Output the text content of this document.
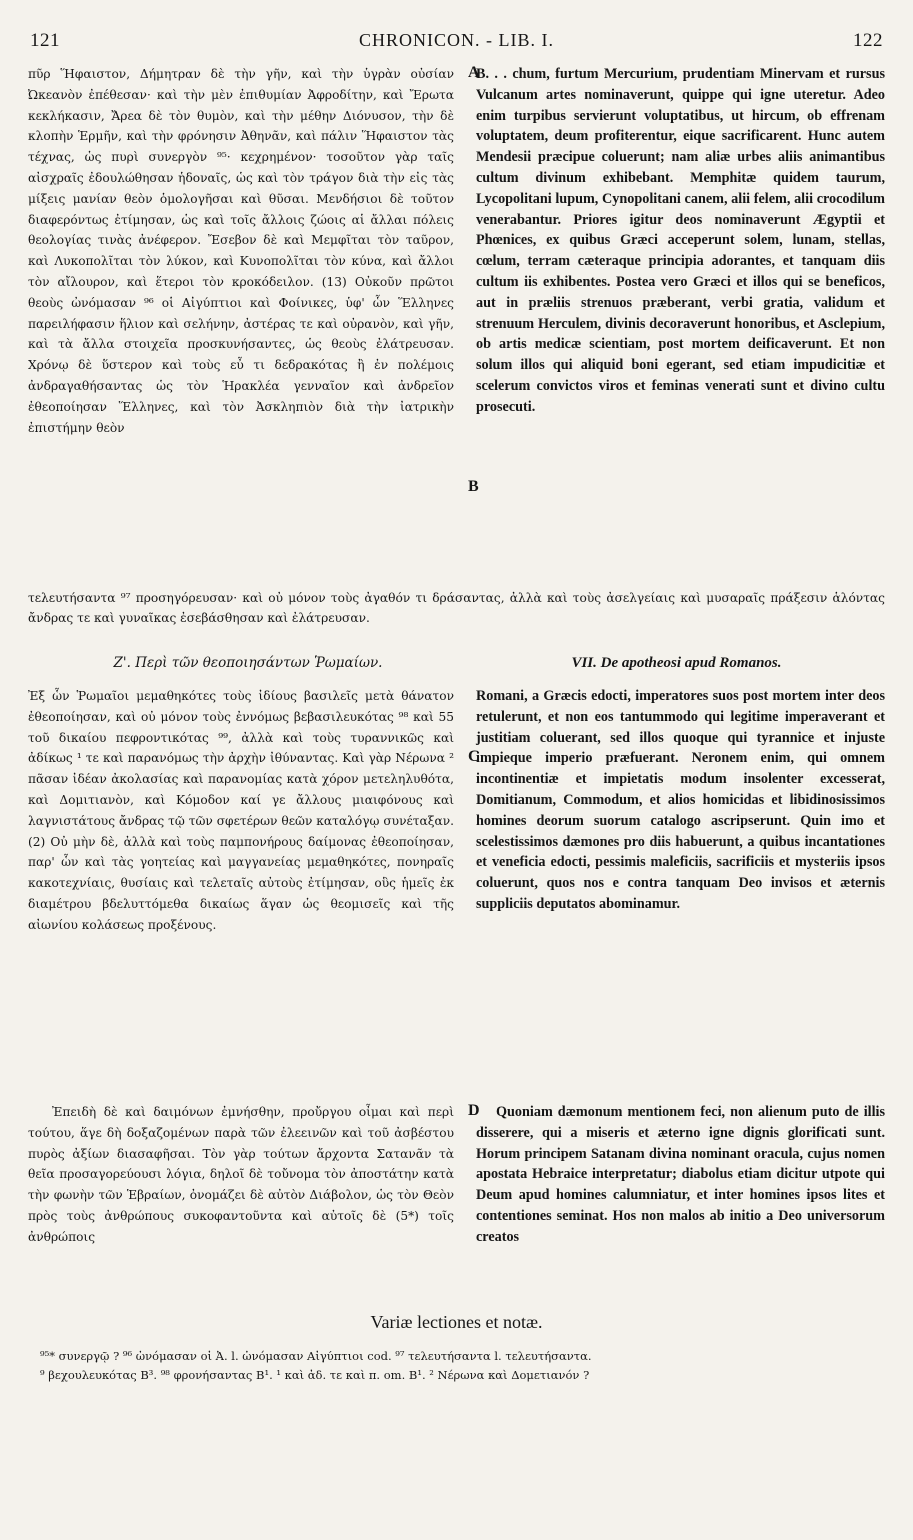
121	CHRONICON. - LIB. I.	122

πῦρ Ἥφαιστον, Δήμητραν δὲ τὴν γῆν, καὶ τὴν ὑγρὰν οὐσίαν Ὠκεανὸν ἐπέθεσαν· καὶ τὴν μὲν ἐπιθυμίαν Ἀφροδίτην, καὶ Ἔρωτα κεκλήκασιν, Ἄρεα δὲ τὸν θυμὸν, καὶ τὴν μέθην Διόνυσον, τὴν δὲ κλοπὴν Ἑρμῆν, καὶ τὴν φρόνησιν Ἀθηνᾶν, καὶ πάλιν Ἥφαιστον τὰς τέχνας, ὡς πυρὶ συνεργὸν ⁹⁵· κεχρημένον· τοσοῦτον γὰρ ταῖς αἰσχραῖς ἐδουλώθησαν ἡδοναῖς, ὡς καὶ τὸν τράγον διὰ τὴν εἰς τὰς μίξεις μανίαν θεὸν ὁμολογῆσαι καὶ θῦσαι. Μενδήσιοι δὲ τοῦτον διαφερόντως ἐτίμησαν, ὡς καὶ τοῖς ἄλλοις ζώοις αἱ ἄλλαι πόλεις θεολογίας τινὰς ἀνέφερον. Ἔσεβον δὲ καὶ Μεμφῖται τὸν ταῦρον, καὶ Λυκοπολῖται τὸν λύκον, καὶ Κυνοπολῖται τὸν κύνα, καὶ ἄλλοι τὸν αἴλουρον, καὶ ἕτεροι τὸν κροκόδειλον. (13) Οὐκοῦν πρῶτοι θεοὺς ὠνόμασαν ⁹⁶ οἱ Αἰγύπτιοι καὶ Φοίνικες, ὑφ' ὧν Ἕλληνες παρειλήφασιν ἥλιον καὶ σελήνην, ἀστέρας τε καὶ οὐρανὸν, καὶ γῆν, καὶ τὰ ἄλλα στοιχεῖα προσκυνήσαντες, ὡς θεοὺς ἐλάτρευσαν. Χρόνῳ δὲ ὕστερον καὶ τοὺς εὖ τι δεδρακότας ἢ ἐν πολέμοις ἀνδραγαθήσαντας ὡς τὸν Ἡρακλέα γενναῖον καὶ ἀνδρεῖον ἐθεοποίησαν Ἕλληνες, καὶ τὸν Ἀσκληπιὸν διὰ τὴν ἰατρικὴν ἐπιστήμην θεὸν

A
B

B. . . chum, furtum Mercurium, prudentiam Minervam et rursus Vulcanum artes nominaverunt, quippe qui igne uteretur. Adeo enim turpibus servierunt voluptatibus, ut hircum, ob effrenam voluptatem, deum profiterentur, eique sacrificarent. Hunc autem Mendesii præcipue coluerunt; nam aliæ urbes aliis animantibus cultum divinum exhibebant. Memphitæ quidem taurum, Lycopolitani lupum, Cynopolitani canem, alii felem, alii crocodilum venerabantur. Priores igitur deos nominaverunt Ægyptii et Phœnices, ex quibus Græci acceperunt solem, lunam, stellas, cœlum, terram cæteraque principia adorantes, et tanquam diis cultum iis exhibentes. Postea vero Græci et illos qui se beneficos, aut in præliis strenuos præberant, verbi gratia, validum et strenuum Herculem, divinis decoraverunt honoribus, et Asclepium, ob artis medicæ scientiam, post mortem deificaverunt. Et non solum illos qui aliquid boni egerant, sed etiam impudicitiæ et scelerum convictos viros et feminas venerati sunt et divino cultu prosecuti.

τελευτήσαντα ⁹⁷ προσηγόρευσαν· καὶ οὐ μόνον τοὺς ἀγαθόν τι δράσαντας, ἀλλὰ καὶ τοὺς ἀσελγείαις καὶ μυσαραῖς πράξεσιν ἁλόντας ἄνδρας τε καὶ γυναῖκας ἐσεβάσθησαν καὶ ἐλάτρευσαν.

Ζ'. Περὶ τῶν θεοποιησάντων Ῥωμαίων.	VII. De apotheosi apud Romanos.

Ἐξ ὧν Ῥωμαῖοι μεμαθηκότες τοὺς ἰδίους βασιλεῖς μετὰ θάνατον ἐθεοποίησαν, καὶ οὐ μόνον τοὺς ἐννόμως βεβασιλευκότας ⁹⁸ καὶ 55 τοῦ δικαίου πεφροντικότας ⁹⁹, ἀλλὰ καὶ τοὺς τυραννικῶς καὶ ἀδίκως ¹ τε καὶ παρανόμως τὴν ἀρχὴν ἰθύναντας. Καὶ γὰρ Νέρωνα ² πᾶσαν ἰδέαν ἀκολασίας καὶ παρανομίας κατὰ χόρον μετεληλυθότα, καὶ Δομιτιανὸν, καὶ Κόμοδον καί γε ἄλλους μιαιφόνους καὶ λαγνιστάτους ἄνδρας τῷ τῶν σφετέρων θεῶν καταλόγῳ συνέταξαν. (2) Οὐ μὴν δὲ, ἀλλὰ καὶ τοὺς παμπονήρους δαίμονας ἐθεοποίησαν, παρ' ὧν καὶ τὰς γοητείας καὶ μαγγανείας μεμαθηκότες, πονηραῖς κακοτεχνίαις, θυσίαις καὶ τελεταῖς αὐτοὺς ἐτίμησαν, οὓς ἡμεῖς ἐκ διαμέτρου βδελυττόμεθα δικαίως ἅγαν ὡς θεομισεῖς καὶ τῆς αἰωνίου κολάσεως προξένους.

C

Romani, a Græcis edocti, imperatores suos post mortem inter deos retulerunt, et non eos tantummodo qui legitime imperaverant et justitiam coluerant, sed illos quoque qui tyrannice et injuste impieque imperio præfuerant. Neronem enim, qui omnem incontinentiæ et impietatis modum insolenter excesserat, Domitianum, Commodum, et alios homicidas et libidinosissimos homines deorum suorum catalogo ascripserunt. Quin imo et scelestissimos dæmones pro diis habuerunt, a quibus incantationes et veneficia edocti, pessimis maleficiis, sacrificiis et mysteriis ipsos coluerunt, quos nos e contra tanquam Deo invisos et æternis suppliciis deputatos abominamur.

Ἐπειδὴ δὲ καὶ δαιμόνων ἐμνήσθην, προὔργου οἶμαι καὶ περὶ τούτου, ἅγε δὴ δοξαζομένων παρὰ τῶν ἐλεεινῶν καὶ τοῦ ἀσβέστου πυρὸς ἀξίων διασαφῆσαι. Τὸν γὰρ τούτων ἄρχοντα Σατανᾶν τὰ θεῖα προσαγορεύουσι λόγια, δηλοῖ δὲ τοὔνομα τὸν ἀποστάτην κατὰ τὴν φωνὴν τῶν Ἑβραίων, ὀνομάζει δὲ αὐτὸν Διάβολον, ὡς τὸν Θεὸν πρὸς τοὺς ἀνθρώπους συκοφαντοῦντα καὶ αὐτοῖς δὲ (5*) τοῖς ἀνθρώποις

D	Quoniam dæmonum mentionem feci, non alienum puto de illis disserere, qui a miseris et æterno igne dignis glorificati sunt. Horum principem Satanam divina nominant oracula, cujus nomen apostata Hebraice interpretatur; diabolus etiam dicitur utpote qui Deum apud homines calumniatur, et inter homines ipsos lites et contentiones seminat. Hos non malos ab initio a Deo universorum creatos

Variæ lectiones et notæ.

⁹⁵* συνεργῷ ? ⁹⁶ ὠνόμασαν οἱ Ἀ. l. ὠνόμασαν Αἰγύπτιοι cod. ⁹⁷ τελευτήσαντα l. τελευτήσαντα.

⁹ βεχουλευκότας B³. ⁹⁸ φρονήσαντας B¹. ¹ καὶ ἀδ. τε καὶ π. om. B¹. ² Νέρωνα καὶ Δομετιανόν ?
